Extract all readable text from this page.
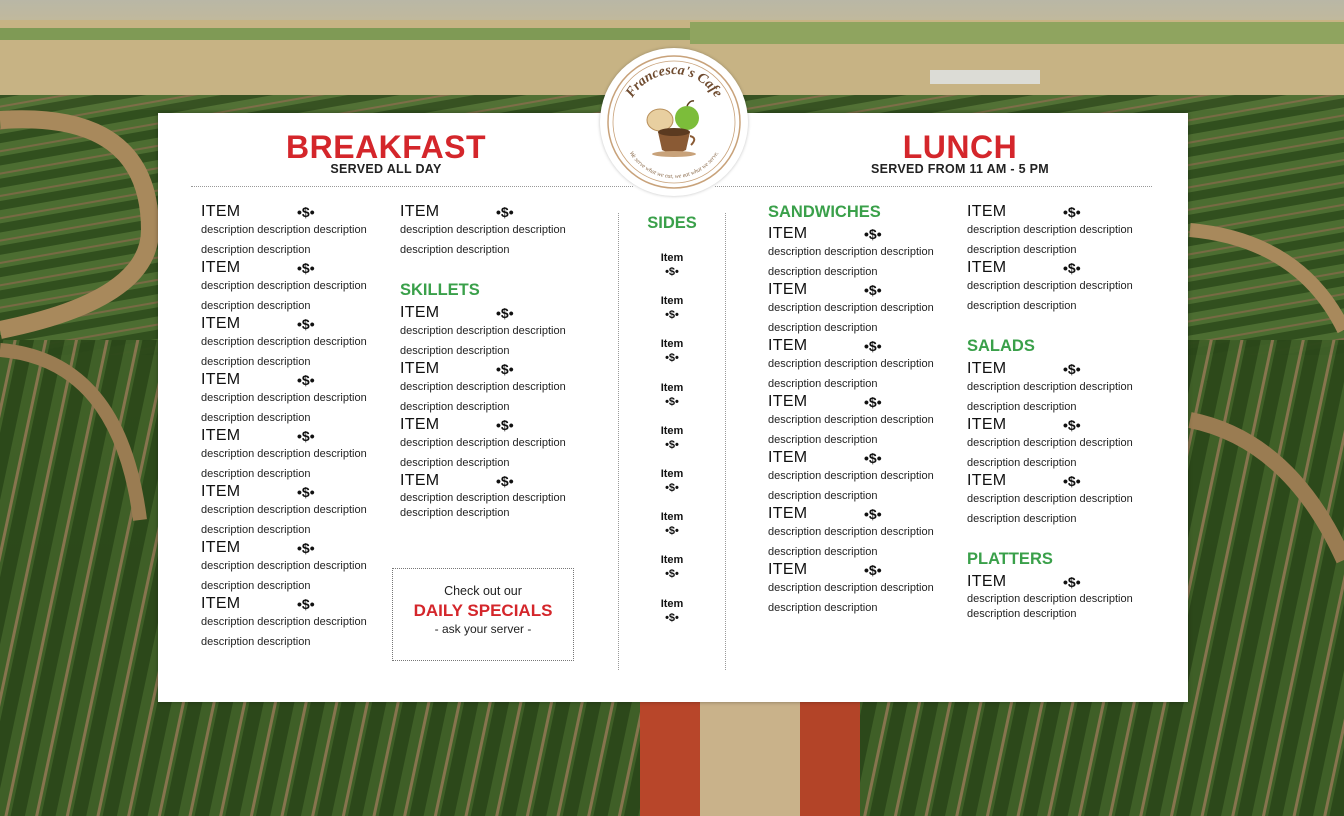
BREAKFAST
SERVED ALL DAY
LUNCH
SERVED FROM 11 AM - 5 PM
ITEM	•$•
description description description description description
ITEM	•$•
description description description description description
ITEM	•$•
description description description description description
ITEM	•$•
description description description description description
ITEM	•$•
description description description description description
ITEM	•$•
description description description description description
ITEM	•$•
description description description description description
ITEM	•$•
description description description description description
ITEM	•$•
description description description description description
SKILLETS
ITEM	•$•
description description description description description
ITEM	•$•
description description description description description
ITEM	•$•
description description description description description
ITEM	•$•
description description description description description
Check out our
DAILY SPECIALS
- ask your server -
SIDES
Item
•$•
Item
•$•
Item
•$•
Item
•$•
Item
•$•
Item
•$•
Item
•$•
Item
•$•
Item
•$•
SANDWICHES
ITEM	•$•
description description description description description
ITEM	•$•
description description description description description
ITEM	•$•
description description description description description
ITEM	•$•
description description description description description
ITEM	•$•
description description description description description
ITEM	•$•
description description description description description
ITEM	•$•
description description description description description
ITEM	•$•
description description description description description
ITEM	•$•
description description description description description
SALADS
ITEM	•$•
description description description description description
ITEM	•$•
description description description description description
ITEM	•$•
description description description description description
PLATTERS
ITEM	•$•
description description description description description
Francesca's Cafe
We serve what we eat, we eat what we serve.
